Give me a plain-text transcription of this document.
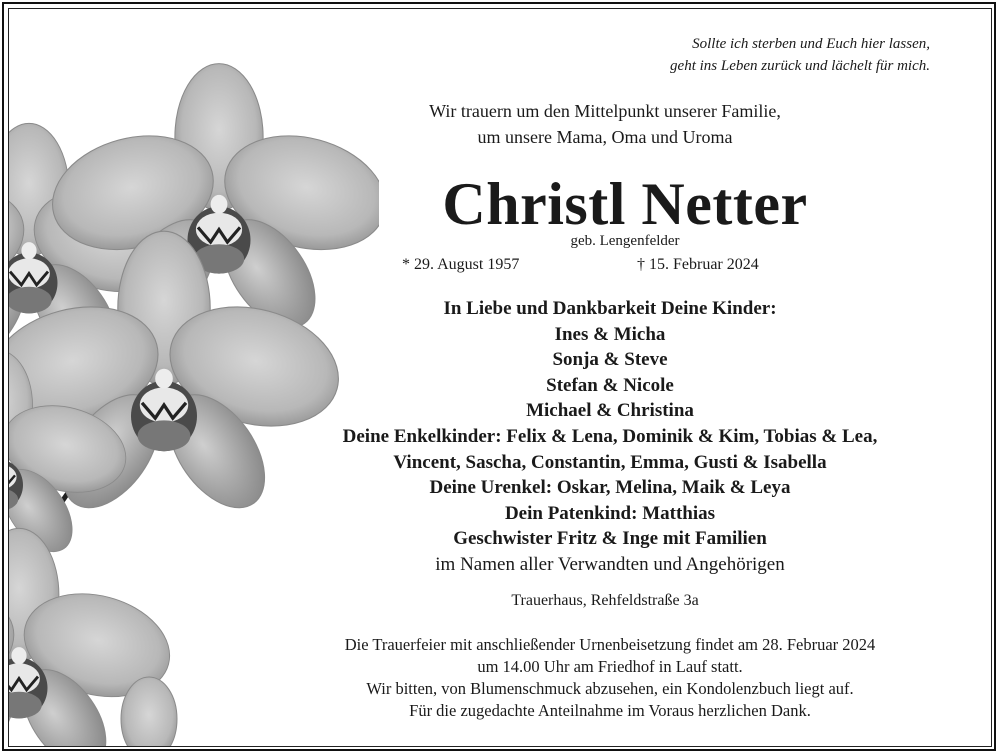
Sollte ich sterben und Euch hier lassen,
geht ins Leben zurück und lächelt für mich.
Wir trauern um den Mittelpunkt unserer Familie,
um unsere Mama, Oma und Uroma
Christl Netter
geb. Lengenfelder
* 29. August 1957	† 15. Februar 2024
In Liebe und Dankbarkeit Deine Kinder:
Ines & Micha
Sonja & Steve
Stefan & Nicole
Michael & Christina
Deine Enkelkinder: Felix & Lena, Dominik & Kim, Tobias & Lea,
Vincent, Sascha, Constantin, Emma, Gusti & Isabella
Deine Urenkel: Oskar, Melina, Maik & Leya
Dein Patenkind: Matthias
Geschwister Fritz & Inge mit Familien
im Namen aller Verwandten und Angehörigen
Trauerhaus, Rehfeldstraße 3a
Die Trauerfeier mit anschließender Urnenbeisetzung findet am 28. Februar 2024
um 14.00 Uhr am Friedhof in Lauf statt.
Wir bitten, von Blumenschmuck abzusehen, ein Kondolenzbuch liegt auf.
Für die zugedachte Anteilnahme im Voraus herzlichen Dank.
